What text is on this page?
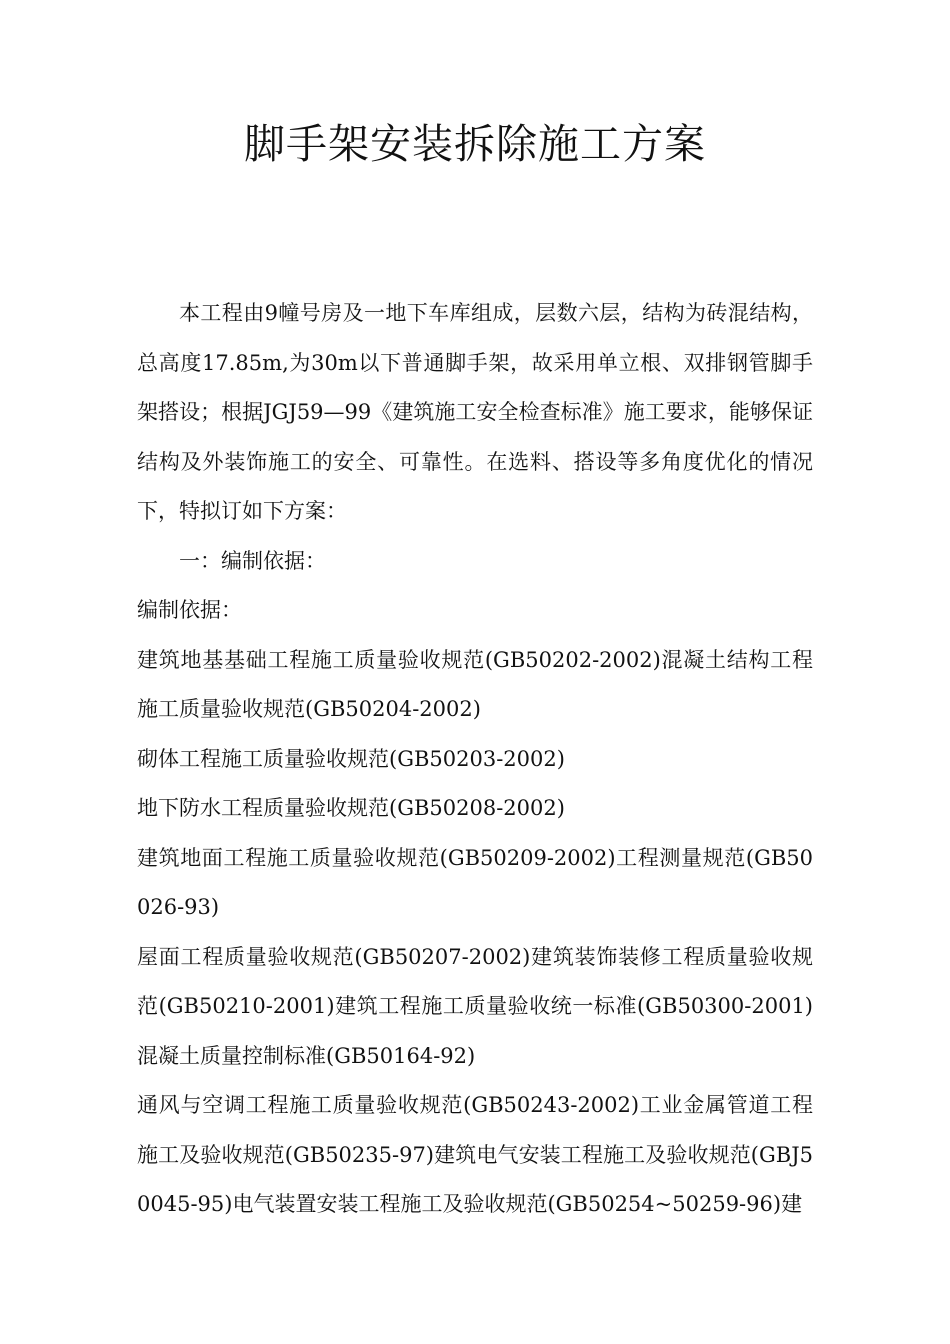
脚手架安装拆除施工方案

本工程由9幢号房及一地下车库组成，层数六层，结构为砖混结构，总高度17.85m,为30m以下普通脚手架，故采用单立根、双排钢管脚手架搭设；根据JGJ59—99《建筑施工安全检查标准》施工要求，能够保证结构及外装饰施工的安全、可靠性。在选料、搭设等多角度优化的情况下，特拟订如下方案：

一：编制依据：

编制依据：

建筑地基基础工程施工质量验收规范(GB50202-2002)混凝土结构工程施工质量验收规范(GB50204-2002)

砌体工程施工质量验收规范(GB50203-2002)

地下防水工程质量验收规范(GB50208-2002)

建筑地面工程施工质量验收规范(GB50209-2002)工程测量规范(GB50026-93)

屋面工程质量验收规范(GB50207-2002)建筑装饰装修工程质量验收规范(GB50210-2001)建筑工程施工质量验收统一标准(GB50300-2001)混凝土质量控制标准(GB50164-92)

通风与空调工程施工质量验收规范(GB50243-2002)工业金属管道工程施工及验收规范(GB50235-97)建筑电气安装工程施工及验收规范(GBJ50045-95)电气装置安装工程施工及验收规范(GB50254~50259-96)建
